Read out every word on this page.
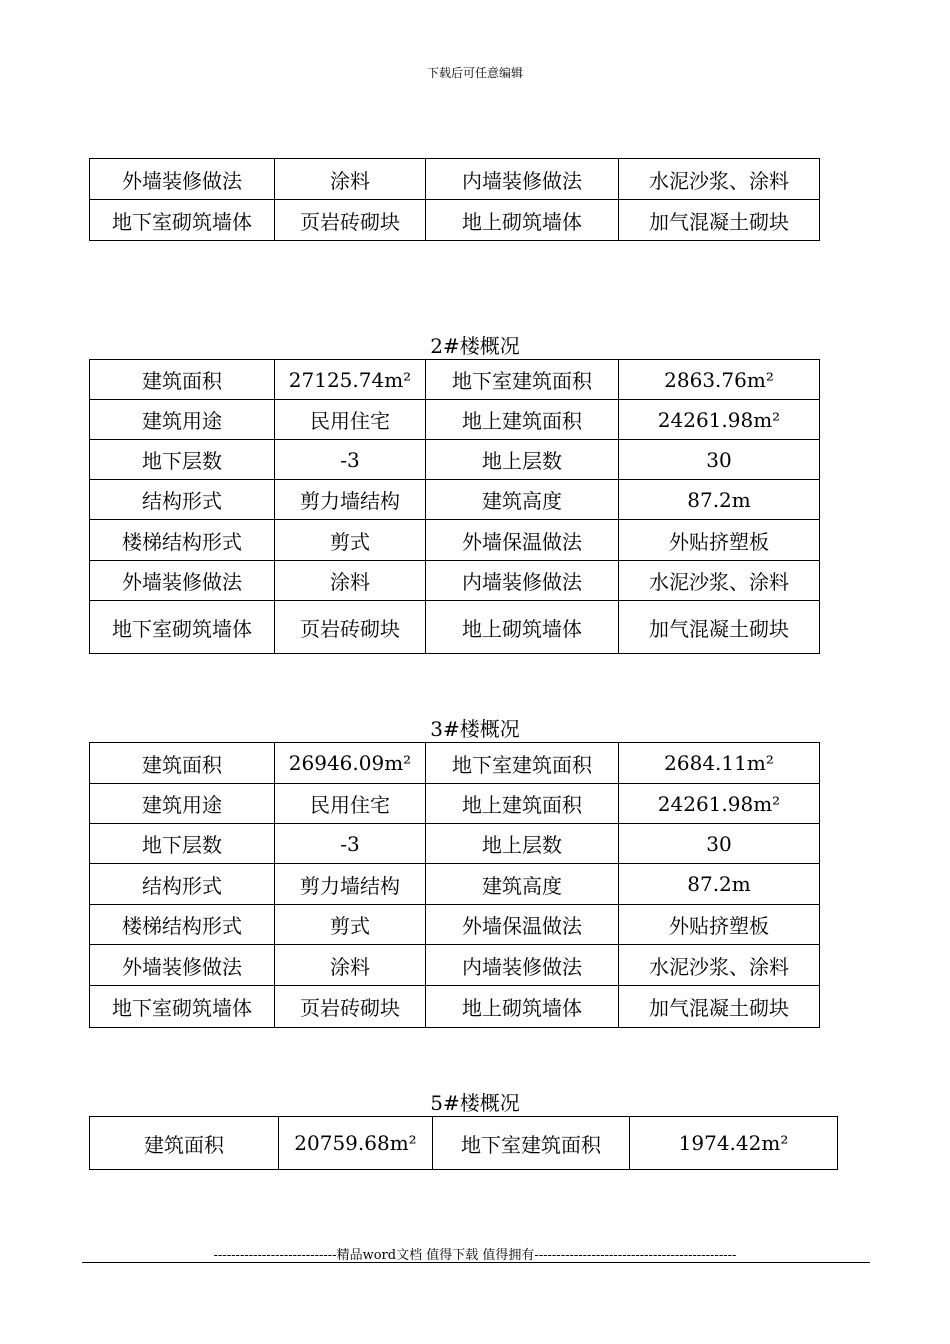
下载后可任意编辑
外墙装修做法	涂料	内墙装修做法	水泥沙浆、涂料
地下室砌筑墙体	页岩砖砌块	地上砌筑墙体	加气混凝土砌块
2#楼概况
建筑面积	27125.74m²	地下室建筑面积	2863.76m²
建筑用途	民用住宅	地上建筑面积	24261.98m²
地下层数	-3	地上层数	30
结构形式	剪力墙结构	建筑高度	87.2m
楼梯结构形式	剪式	外墙保温做法	外贴挤塑板
外墙装修做法	涂料	内墙装修做法	水泥沙浆、涂料
地下室砌筑墙体	页岩砖砌块	地上砌筑墙体	加气混凝土砌块
3#楼概况
建筑面积	26946.09m²	地下室建筑面积	2684.11m²
建筑用途	民用住宅	地上建筑面积	24261.98m²
地下层数	-3	地上层数	30
结构形式	剪力墙结构	建筑高度	87.2m
楼梯结构形式	剪式	外墙保温做法	外贴挤塑板
外墙装修做法	涂料	内墙装修做法	水泥沙浆、涂料
地下室砌筑墙体	页岩砖砌块	地上砌筑墙体	加气混凝土砌块
5#楼概况
建筑面积	20759.68m²	地下室建筑面积	1974.42m²
----------------------------精品word文档 值得下载 值得拥有----------------------------------------------
